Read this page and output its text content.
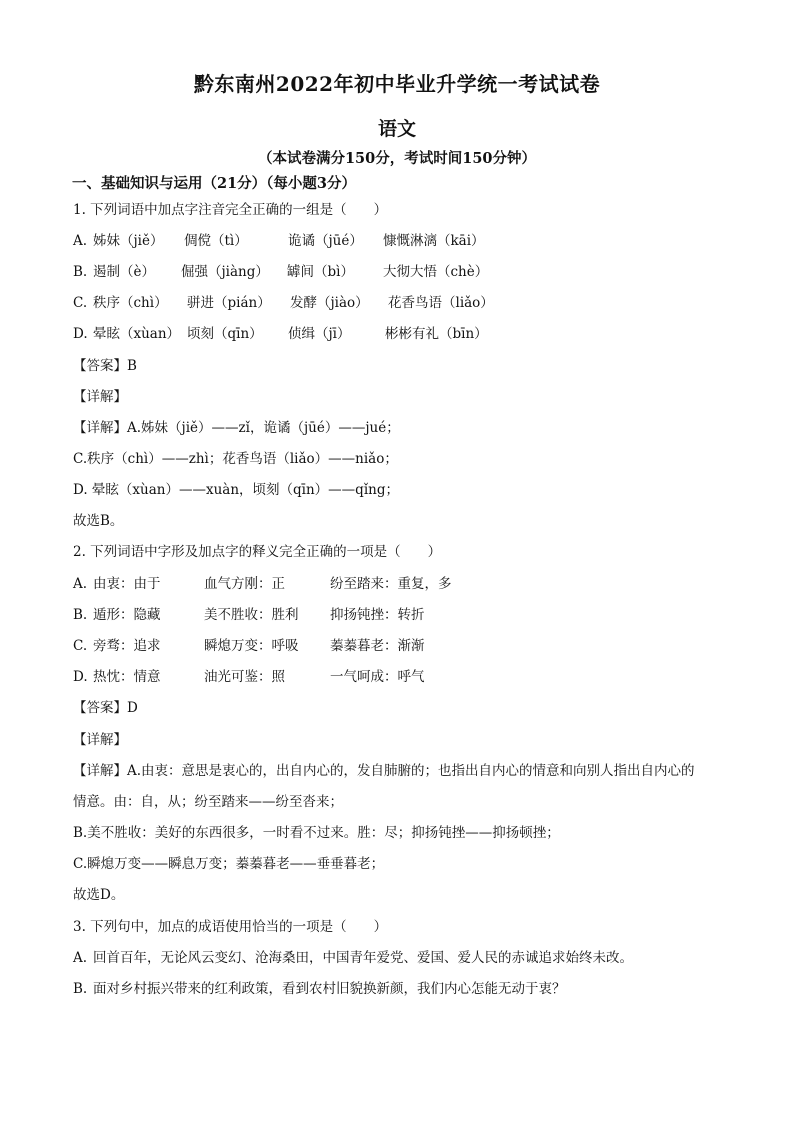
黔东南州2022年初中毕业升学统一考试试卷
语文
（本试卷满分150分，考试时间150分钟）
一、基础知识与运用（21分）（每小题3分）
1. 下列词语中加点字注音完全正确的一组是（　　）
A. 姊妹（jiě） 倜傥（tì）	诡谲（jūé） 慷慨淋漓（kāi）
B. 遏制（è） 倔强（jiàng） 罅间（bì） 大彻大悟（chè）
C. 秩序（chì） 骈进（pián） 发酵（jiào） 花香鸟语（liǎo）
D. 晕眩（xùan） 顷刻（qīn） 侦缉（jī）	彬彬有礼（bīn）
【答案】B
【详解】
【详解】A.姊妹（jiě）——zǐ，诡谲（jūé）——jué；
C.秩序（chì）——zhì；花香鸟语（liǎo）——niǎo；
D. 晕眩（xùan）——xuàn，顷刻（qīn）——qǐng；
故选B。
2. 下列词语中字形及加点字的释义完全正确的一项是（　　）
A. 由衷：由于	血气方刚：正	纷至踏来：重复，多
B. 遁形：隐藏	美不胜收：胜利 抑扬钝挫：转折
C. 旁骛：追求	瞬熄万变：呼吸 蓁蓁暮老：渐渐
D. 热忱：情意	油光可鉴：照	一气呵成：呼气
【答案】D
【详解】
【详解】A.由衷：意思是衷心的，出自内心的，发自肺腑的；也指出自内心的情意和向别人指出自内心的
情意。由：自，从；纷至踏来——纷至沓来；
B.美不胜收：美好的东西很多，一时看不过来。胜：尽；抑扬钝挫——抑扬顿挫；
C.瞬熄万变——瞬息万变；蓁蓁暮老——垂垂暮老；
故选D。
3. 下列句中，加点的成语使用恰当的一项是（　　）
A. 回首百年，无论风云变幻、沧海桑田，中国青年爱党、爱国、爱人民的赤诚追求始终未改。
B. 面对乡村振兴带来的红利政策，看到农村旧貌换新颜，我们内心怎能无动于衷？
